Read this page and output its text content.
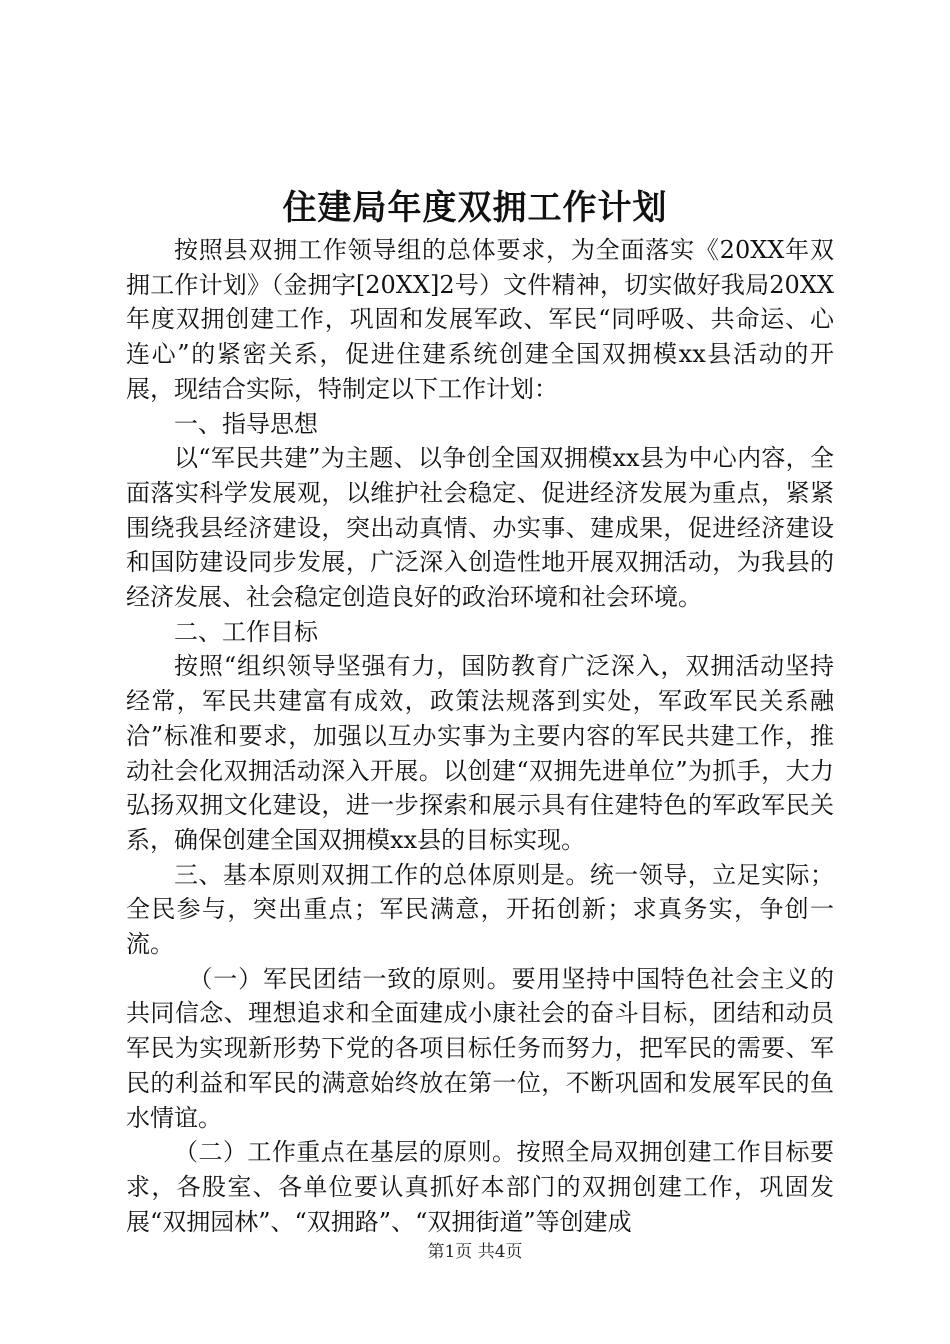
住建局年度双拥工作计划

按照县双拥工作领导组的总体要求，为全面落实《20XX年双拥工作计划》（金拥字[20XX]2号）文件精神，切实做好我局20XX年度双拥创建工作，巩固和发展军政、军民“同呼吸、共命运、心连心”的紧密关系，促进住建系统创建全国双拥模xx县活动的开展，现结合实际，特制定以下工作计划：

一、指导思想

以“军民共建”为主题、以争创全国双拥模xx县为中心内容，全面落实科学发展观，以维护社会稳定、促进经济发展为重点，紧紧围绕我县经济建设，突出动真情、办实事、建成果，促进经济建设和国防建设同步发展，广泛深入创造性地开展双拥活动，为我县的经济发展、社会稳定创造良好的政治环境和社会环境。

二、工作目标

按照“组织领导坚强有力，国防教育广泛深入，双拥活动坚持经常，军民共建富有成效，政策法规落到实处，军政军民关系融洽”标准和要求，加强以互办实事为主要内容的军民共建工作，推动社会化双拥活动深入开展。以创建“双拥先进单位”为抓手，大力弘扬双拥文化建设，进一步探索和展示具有住建特色的军政军民关系，确保创建全国双拥模xx县的目标实现。

三、基本原则双拥工作的总体原则是。统一领导，立足实际；全民参与，突出重点；军民满意，开拓创新；求真务实，争创一流。

（一）军民团结一致的原则。要用坚持中国特色社会主义的共同信念、理想追求和全面建成小康社会的奋斗目标，团结和动员军民为实现新形势下党的各项目标任务而努力，把军民的需要、军民的利益和军民的满意始终放在第一位，不断巩固和发展军民的鱼水情谊。

（二）工作重点在基层的原则。按照全局双拥创建工作目标要求，各股室、各单位要认真抓好本部门的双拥创建工作，巩固发展“双拥园林”、“双拥路”、“双拥街道”等创建成

第1页 共4页
